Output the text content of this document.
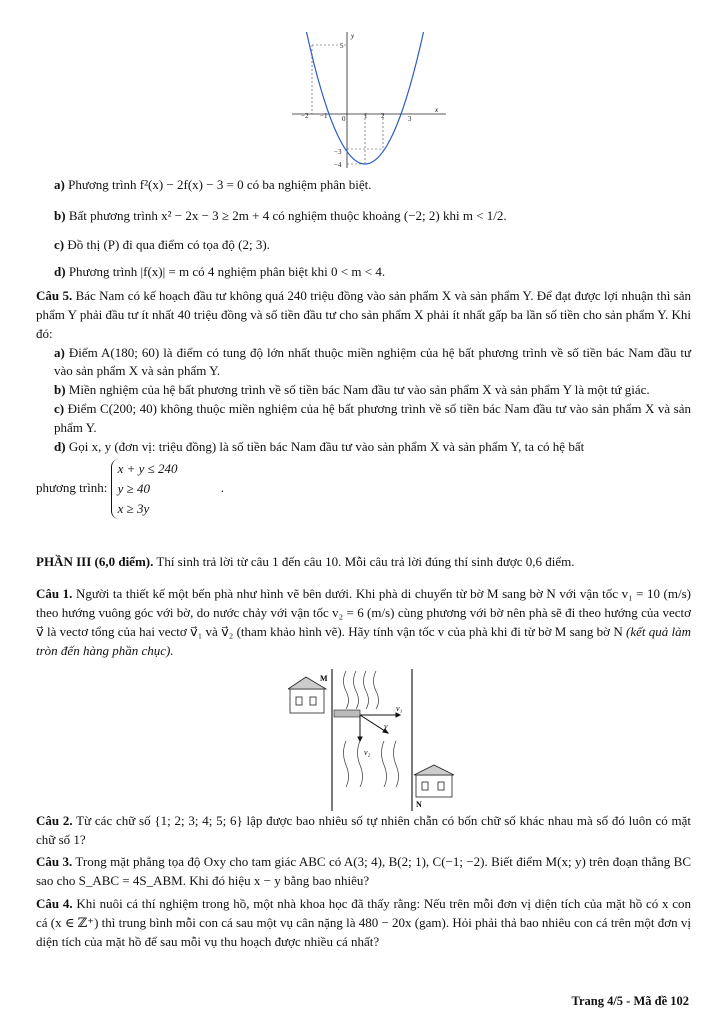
x
y
−2 −1 0	1 2	3
5
−3
−4
a) Phương trình f²(x) − 2f(x) − 3 = 0 có ba nghiệm phân biệt.
b) Bất phương trình x² − 2x − 3 ≥ 2m + 4 có nghiệm thuộc khoảng (−2; 2) khi m < 1/2.
c) Đồ thị (P) đi qua điểm có tọa độ (2; 3).
d) Phương trình |f(x)| = m có 4 nghiệm phân biệt khi 0 < m < 4.

Câu 5. Bác Nam có kế hoạch đầu tư không quá 240 triệu đồng vào sản phẩm X và sản phẩm Y. Để đạt được lợi nhuận thì sản phẩm Y phải đầu tư ít nhất 40 triệu đồng và số tiền đầu tư cho sản phẩm X phải ít nhất gấp ba lần số tiền cho sản phẩm Y. Khi đó:

a) Điểm A(180; 60) là điểm có tung độ lớn nhất thuộc miền nghiệm của hệ bất phương trình về số tiền bác Nam đầu tư vào sản phẩm X và sản phẩm Y.

b) Miền nghiệm của hệ bất phương trình về số tiền bác Nam đầu tư vào sản phẩm X và sản phẩm Y là một tứ giác.

c) Điểm C(200; 40) không thuộc miền nghiệm của hệ bất phương trình về số tiền bác Nam đầu tư vào sản phẩm X và sản phẩm Y.

d) Gọi x, y (đơn vị: triệu đồng) là số tiền bác Nam đầu tư vào sản phẩm X và sản phẩm Y, ta có hệ bất

phương trình: x + y ≤ 240
y ≥ 40
x ≥ 3y .

PHẦN III (6,0 điểm). Thí sinh trả lời từ câu 1 đến câu 10. Mỗi câu trả lời đúng thí sinh được 0,6 điểm.
Câu 1. Người ta thiết kế một bến phà như hình vẽ bên dưới. Khi phà di chuyển từ bờ M sang bờ N với vận tốc v₁ = 10 (m/s) theo hướng vuông góc với bờ, do nước chảy với vận tốc v₂ = 6 (m/s) cùng phương với bờ nên phà sẽ đi theo hướng của vectơ v⃗ là vectơ tổng của hai vectơ v⃗₁ và v⃗₂ (tham khảo hình vẽ). Hãy tính vận tốc v của phà khi đi từ bờ M sang bờ N (kết quả làm tròn đến hàng phần chục).
M
N
v₁
v₂
v
Câu 2. Từ các chữ số {1; 2; 3; 4; 5; 6} lập được bao nhiêu số tự nhiên chẵn có bốn chữ số khác nhau mà số đó luôn có mặt chữ số 1?
Câu 3. Trong mặt phẳng tọa độ Oxy cho tam giác ABC có A(3; 4), B(2; 1), C(−1; −2). Biết điểm M(x; y) trên đoạn thẳng BC sao cho S_ABC = 4S_ABM. Khi đó hiệu x − y bằng bao nhiêu?
Câu 4. Khi nuôi cá thí nghiệm trong hồ, một nhà khoa học đã thấy rằng: Nếu trên mỗi đơn vị diện tích của mặt hồ có x con cá (x ∈ ℤ⁺) thì trung bình mỗi con cá sau một vụ cân nặng là 480 − 20x (gam). Hỏi phải thả bao nhiêu con cá trên một đơn vị diện tích của mặt hồ để sau mỗi vụ thu hoạch được nhiều cá nhất?
Trang 4/5 - Mã đề 102
